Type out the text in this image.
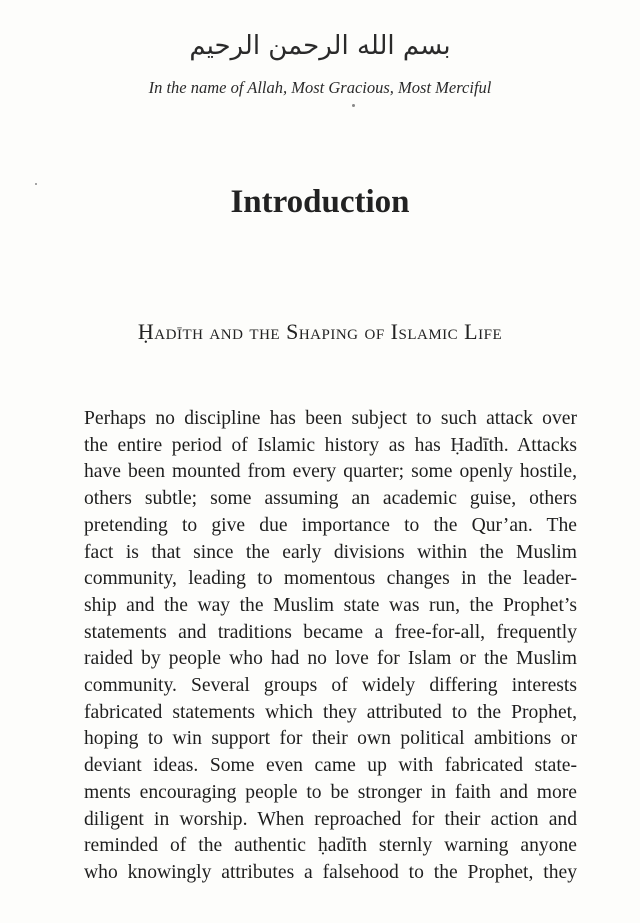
بسم الله الرحمن الرحيم
In the name of Allah, Most Gracious, Most Merciful
Introduction
Ḥadīth and the Shaping of Islamic Life

Perhaps no discipline has been subject to such attack over
the entire period of Islamic history as has Ḥadīth. Attacks
have been mounted from every quarter; some openly hostile,
others subtle; some assuming an academic guise, others
pretending to give due importance to the Qur’an. The
fact is that since the early divisions within the Muslim
community, leading to momentous changes in the leader-
ship and the way the Muslim state was run, the Prophet’s
statements and traditions became a free-for-all, frequently
raided by people who had no love for Islam or the Muslim
community. Several groups of widely differing interests
fabricated statements which they attributed to the Prophet,
hoping to win support for their own political ambitions or
deviant ideas. Some even came up with fabricated state-
ments encouraging people to be stronger in faith and more
diligent in worship. When reproached for their action and
reminded of the authentic ḥadīth sternly warning anyone
who knowingly attributes a falsehood to the Prophet, they
